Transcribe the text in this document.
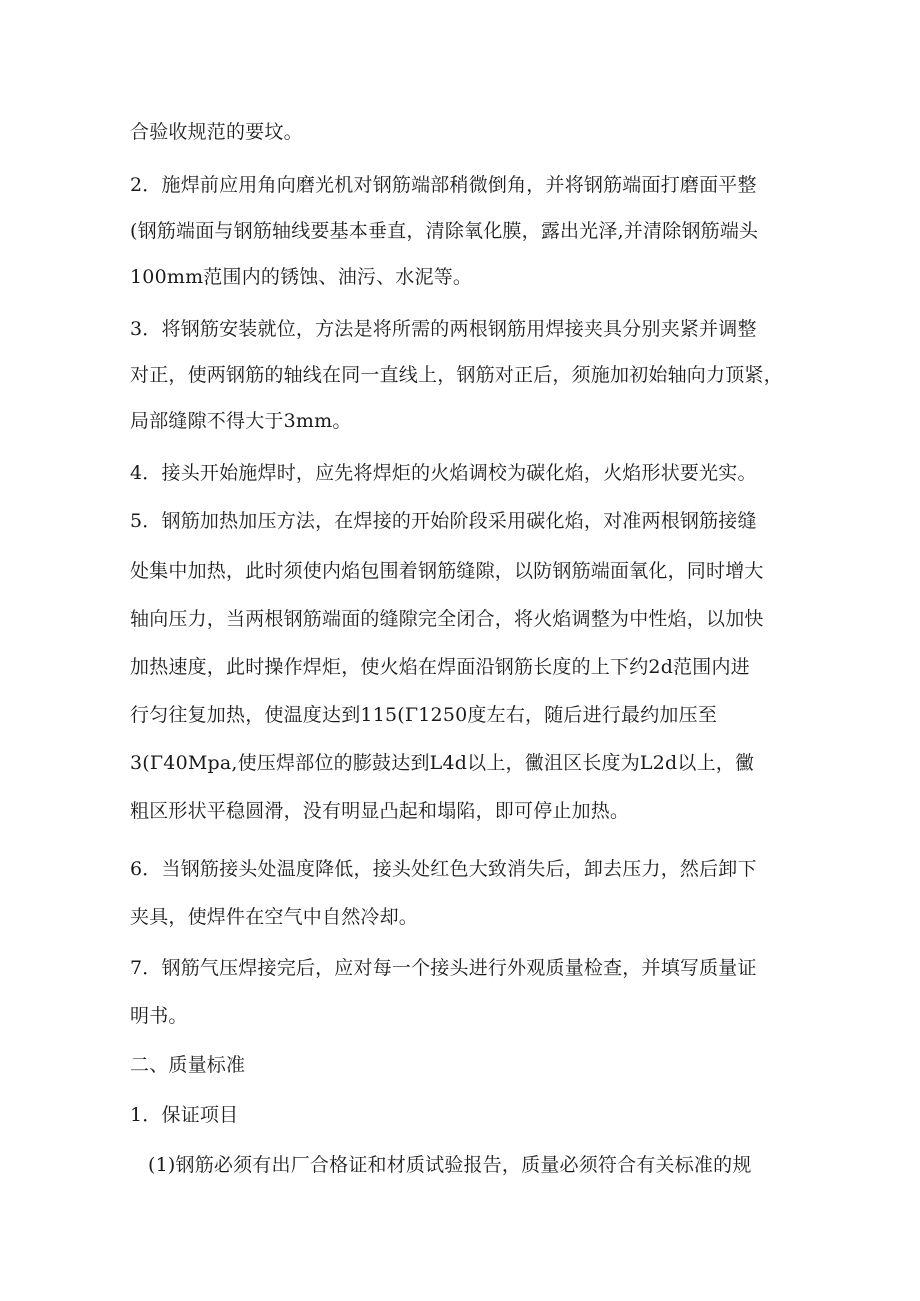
合验收规范的要坟。
2．施焊前应用角向磨光机对钢筋端部稍微倒角，并将钢筋端面打磨面平整
(钢筋端面与钢筋轴线要基本垂直，清除氧化膜，露出光泽,并清除钢筋端头
100mm范围内的锈蚀、油污、水泥等。
3．将钢筋安装就位，方法是将所需的两根钢筋用焊接夹具分别夹紧并调整
对正，使两钢筋的轴线在同一直线上，钢筋对正后，须施加初始轴向力顶紧，
局部缝隙不得大于3mm。
4．接头开始施焊时，应先将焊炬的火焰调校为碳化焰，火焰形状要光实。
5．钢筋加热加压方法，在焊接的开始阶段采用碳化焰，对准两根钢筋接缝
处集中加热，此时须使内焰包围着钢筋缝隙，以防钢筋端面氧化，同时增大
轴向压力，当两根钢筋端面的缝隙完全闭合，将火焰调整为中性焰，以加快
加热速度，此时操作焊炬，使火焰在焊面沿钢筋长度的上下约2d范围内进
行匀往复加热，使温度达到115(Γ1250度左右，随后进行最约加压至
3(Γ40Mpa,使压焊部位的膨鼓达到L4d以上，黴沮区长度为L2d以上，黴
粗区形状平稳圆滑，没有明显凸起和塌陷，即可停止加热。
6．当钢筋接头处温度降低，接头处红色大致消失后，卸去压力，然后卸下
夹具，使焊件在空气中自然冷却。
7．钢筋气压焊接完后，应对每一个接头进行外观质量检查，并填写质量证
明书。
二、质量标准
1．保证项目
(1)钢筋必须有出厂合格证和材质试验报告，质量必须符合有关标准的规
